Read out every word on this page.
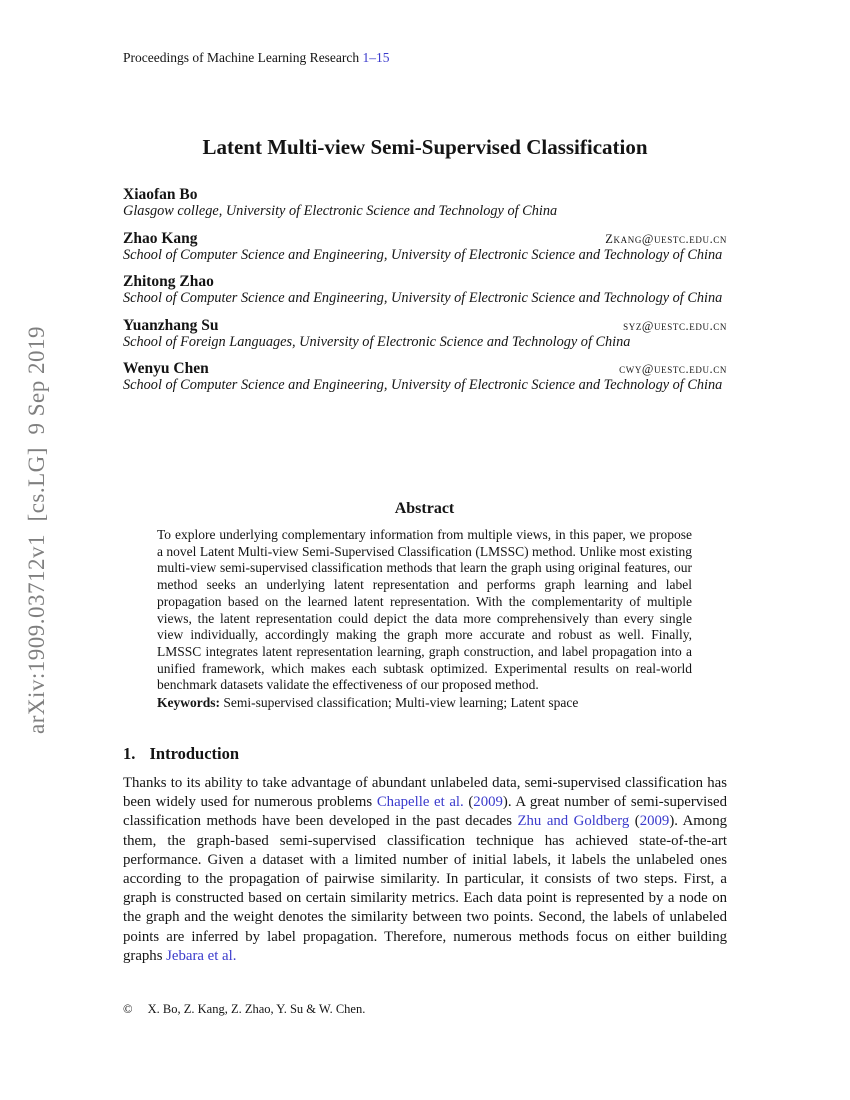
arXiv:1909.03712v1  [cs.LG]  9 Sep 2019
Proceedings of Machine Learning Research 1–15
Latent Multi-view Semi-Supervised Classification
Xiaofan Bo
Glasgow college, University of Electronic Science and Technology of China
Zhao Kang	Zkang@uestc.edu.cn
School of Computer Science and Engineering, University of Electronic Science and Technology of China
Zhitong Zhao
School of Computer Science and Engineering, University of Electronic Science and Technology of China
Yuanzhang Su	syz@uestc.edu.cn
School of Foreign Languages, University of Electronic Science and Technology of China
Wenyu Chen	cwy@uestc.edu.cn
School of Computer Science and Engineering, University of Electronic Science and Technology of China
Abstract

To explore underlying complementary information from multiple views, in this paper, we propose a novel Latent Multi-view Semi-Supervised Classification (LMSSC) method. Unlike most existing multi-view semi-supervised classification methods that learn the graph using original features, our method seeks an underlying latent representation and performs graph learning and label propagation based on the learned latent representation. With the complementarity of multiple views, the latent representation could depict the data more comprehensively than every single view individually, accordingly making the graph more accurate and robust as well. Finally, LMSSC integrates latent representation learning, graph construction, and label propagation into a unified framework, which makes each subtask optimized. Experimental results on real-world benchmark datasets validate the effectiveness of our proposed method.

Keywords: Semi-supervised classification; Multi-view learning; Latent space

1. Introduction

Thanks to its ability to take advantage of abundant unlabeled data, semi-supervised classification has been widely used for numerous problems Chapelle et al. (2009). A great number of semi-supervised classification methods have been developed in the past decades Zhu and Goldberg (2009). Among them, the graph-based semi-supervised classification technique has achieved state-of-the-art performance. Given a dataset with a limited number of initial labels, it labels the unlabeled ones according to the propagation of pairwise similarity. In particular, it consists of two steps. First, a graph is constructed based on certain similarity metrics. Each data point is represented by a node on the graph and the weight denotes the similarity between two points. Second, the labels of unlabeled points are inferred by label propagation. Therefore, numerous methods focus on either building graphs Jebara et al.

© X. Bo, Z. Kang, Z. Zhao, Y. Su & W. Chen.
